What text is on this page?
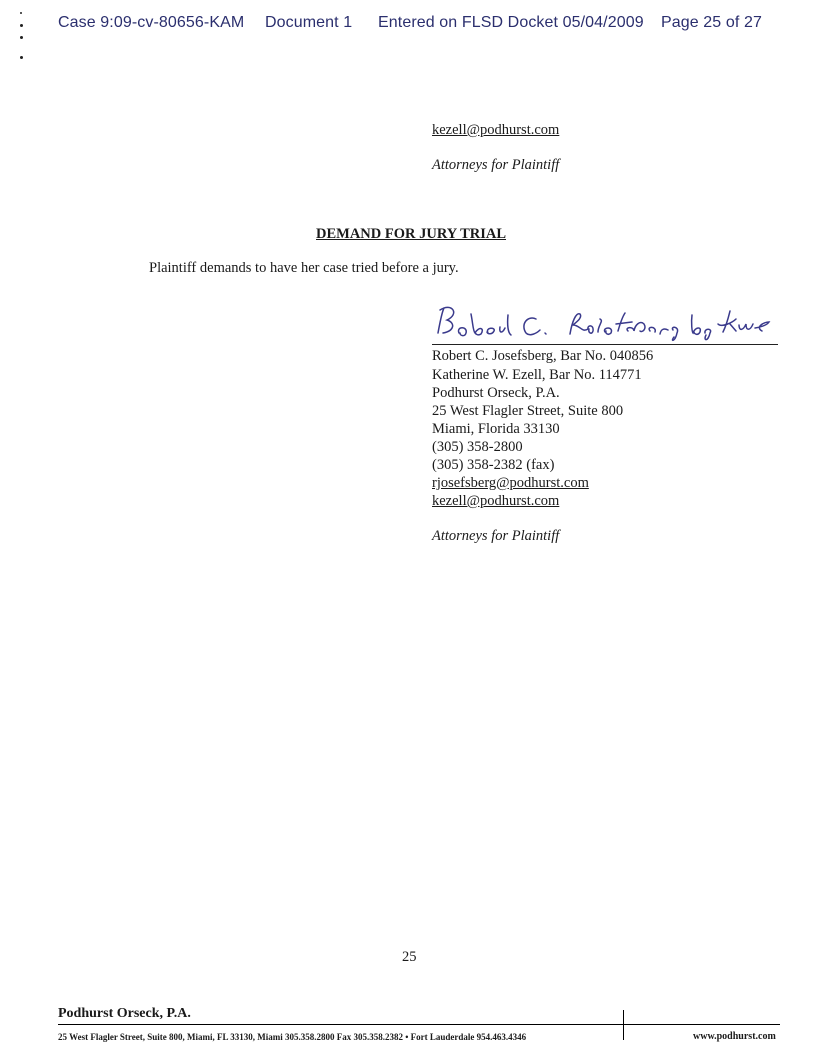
Case 9:09-cv-80656-KAM Document 1 Entered on FLSD Docket 05/04/2009 Page 25 of 27
kezell@podhurst.com
Attorneys for Plaintiff
DEMAND FOR JURY TRIAL
Plaintiff demands to have her case tried before a jury.
Robert C. Josefsberg, Bar No. 040856
Katherine W. Ezell, Bar No. 114771
Podhurst Orseck, P.A.
25 West Flagler Street, Suite 800
Miami, Florida 33130
(305) 358-2800
(305) 358-2382 (fax)
rjosefsberg@podhurst.com
kezell@podhurst.com
Attorneys for Plaintiff
25
Podhurst Orseck, P.A.
25 West Flagler Street, Suite 800, Miami, FL 33130, Miami 305.358.2800 Fax 305.358.2382 • Fort Lauderdale 954.463.4346	www.podhurst.com
